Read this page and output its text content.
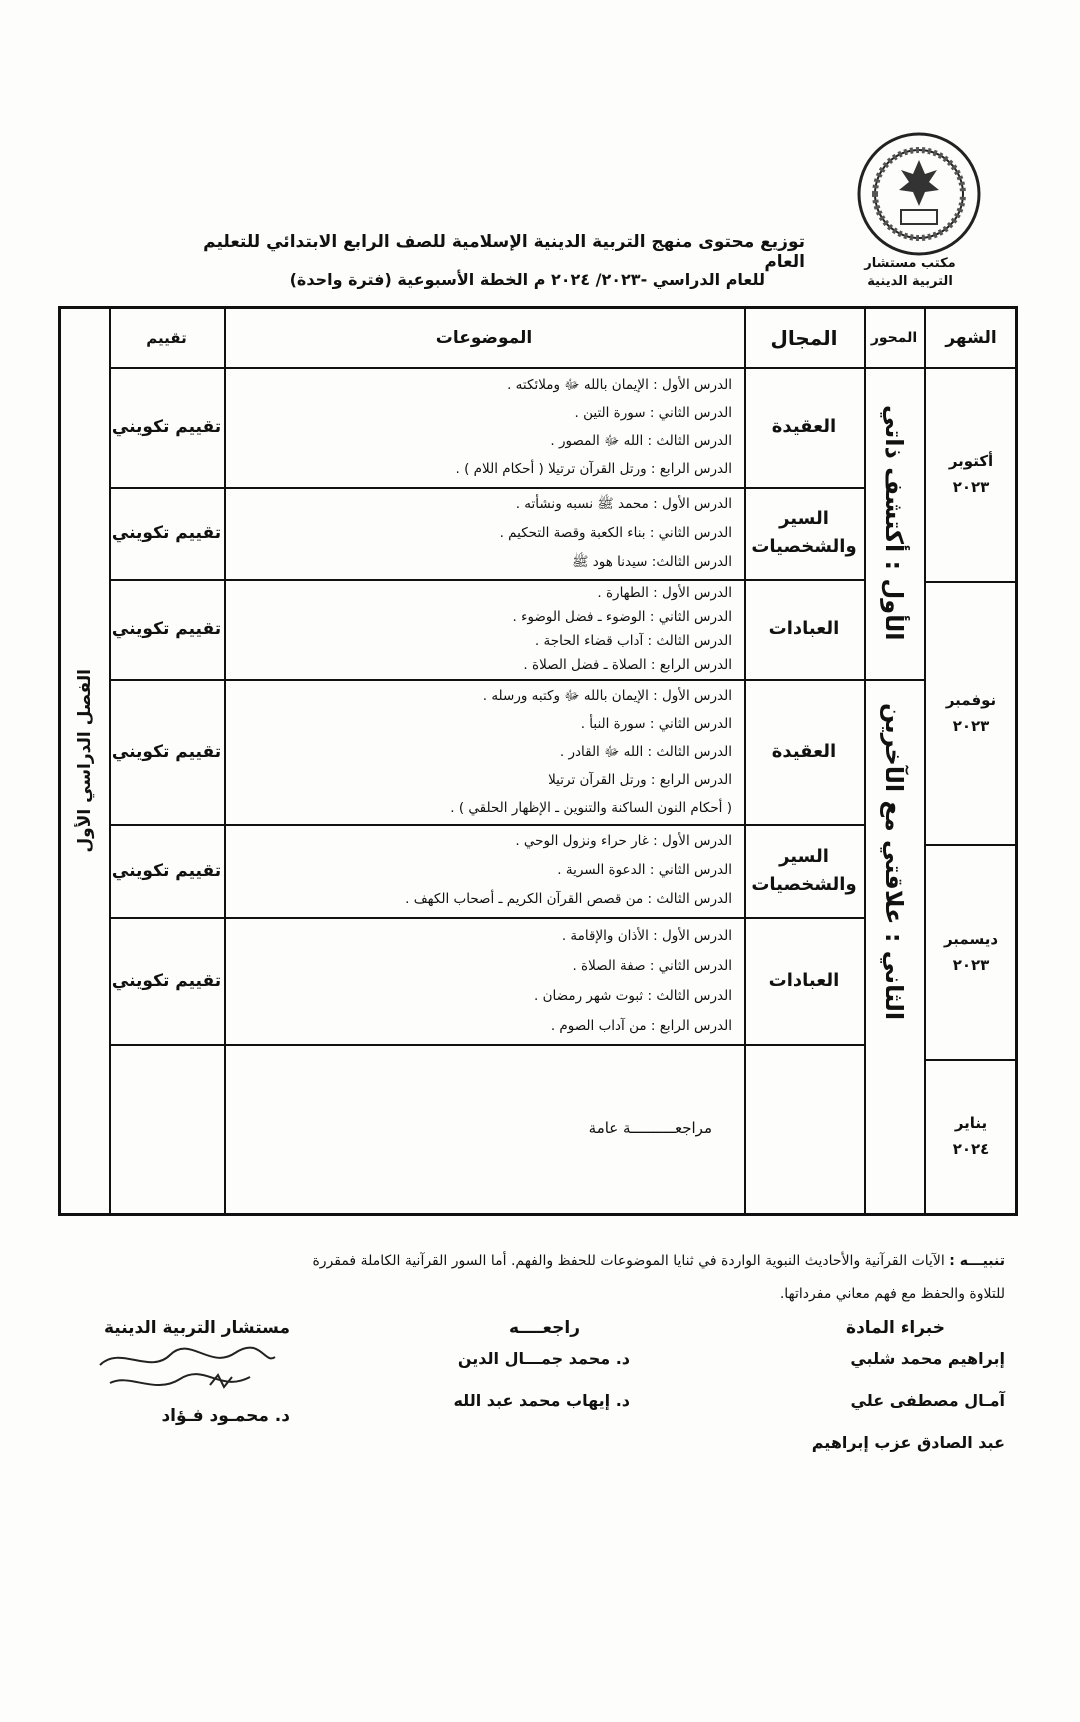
مكتب مستشار
التربية الدينية
توزيع محتوى منهج التربية الدينية الإسلامية للصف الرابع الابتدائي للتعليم العام
للعام الدراسي -٢٠٢٣/ ٢٠٢٤ م الخطة الأسبوعية (فترة واحدة)
الشهر
المحور
المجال
الموضوعات
تقييم
الفصل الدراسي الأول
أكتوبر
٢٠٢٣
نوفمبر
٢٠٢٣
ديسمبر
٢٠٢٣
يناير
٢٠٢٤
الأول : أكتشف ذاتي
الثاني : علاقتي مع الآخرين
العقيدة
الدرس الأول : الإيمان بالله ﷻ وملائكته .
الدرس الثاني : سورة التين .
الدرس الثالث : الله ﷻ المصور .
الدرس الرابع : ورتل القرآن ترتيلا ( أحكام اللام ) .
تقييم تكويني
السير
والشخصيات
الدرس الأول : محمد ﷺ نسبه ونشأته .
الدرس الثاني : بناء الكعبة وقصة التحكيم .
الدرس الثالث: سيدنا هود ﷺ
تقييم تكويني
العبادات
الدرس الأول : الطهارة .
الدرس الثاني : الوضوء ـ فضل الوضوء .
الدرس الثالث : آداب قضاء الحاجة .
الدرس الرابع : الصلاة ـ فضل الصلاة .
تقييم تكويني
العقيدة
الدرس الأول : الإيمان بالله ﷻ وكتبه ورسله .
الدرس الثاني : سورة النبأ .
الدرس الثالث : الله ﷻ القادر .
الدرس الرابع : ورتل القرآن ترتيلا
( أحكام النون الساكنة والتنوين ـ الإظهار الحلقي ) .
تقييم تكويني
السير
والشخصيات
الدرس الأول : غار حراء ونزول الوحي .
الدرس الثاني : الدعوة السرية .
الدرس الثالث : من قصص القرآن الكريم ـ أصحاب الكهف .
تقييم تكويني
العبادات
الدرس الأول : الأذان والإقامة .
الدرس الثاني : صفة الصلاة .
الدرس الثالث : ثبوت شهر رمضان .
الدرس الرابع : من آداب الصوم .
تقييم تكويني
مراجعــــــــــة عامة
تنبيـــه : الآيات القرآنية والأحاديث النبوية الواردة في ثنايا الموضوعات للحفظ والفهم. أما السور القرآنية الكاملة فمقررة
للتلاوة والحفظ مع فهم معاني مفرداتها.
خبراء المادة
إبراهيم محمد شلبي
آمـال مصطفى علي
عبد الصادق عزب إبراهيم
راجعــــه
د. محمد جمـــال الدين
د. إيهاب محمد عبد الله
مستشار التربية الدينية
د. محمـود فـؤاد
